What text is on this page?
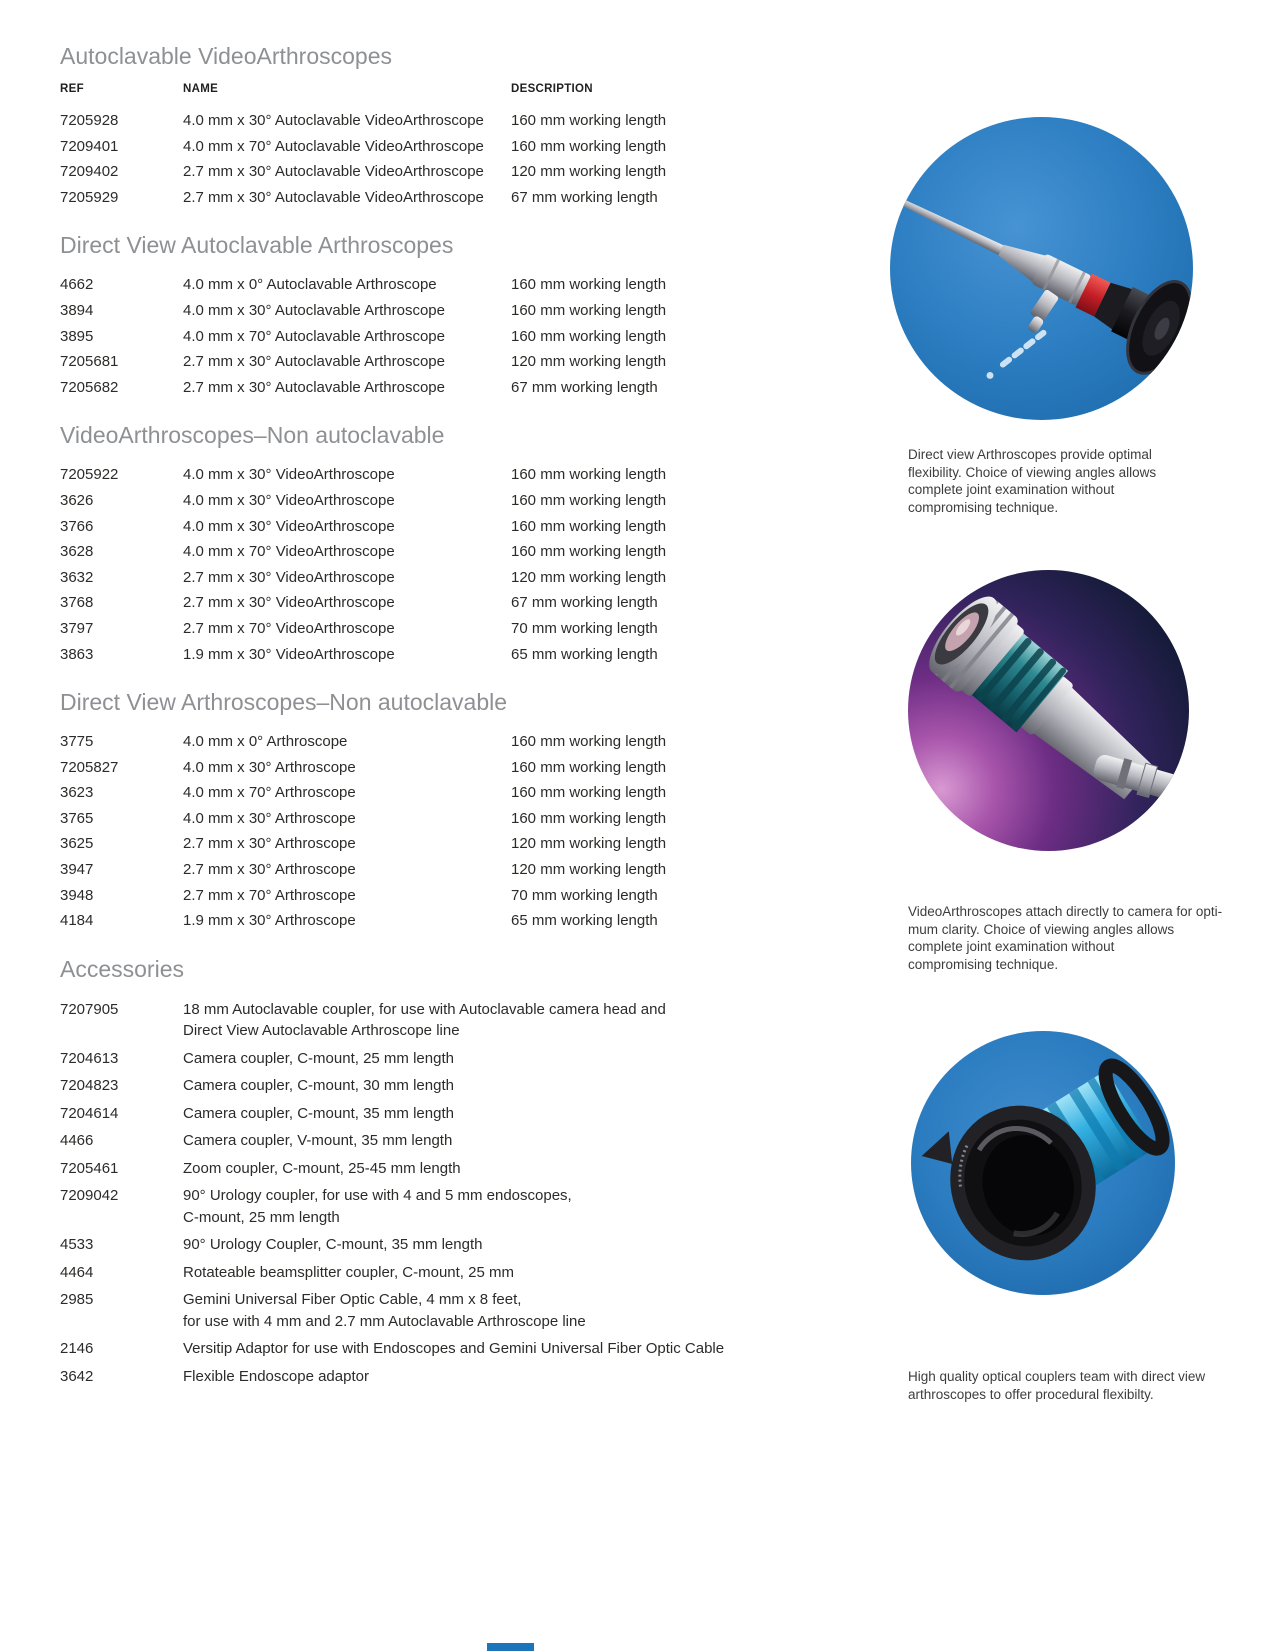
Autoclavable VideoArthroscopes
REF	NAME	DESCRIPTION
7205928	4.0 mm x 30° Autoclavable VideoArthroscope	160 mm working length
7209401	4.0 mm x 70° Autoclavable VideoArthroscope	160 mm working length
7209402	2.7 mm x 30° Autoclavable VideoArthroscope	120 mm working length
7205929	2.7 mm x 30° Autoclavable VideoArthroscope	67 mm working length
Direct View Autoclavable Arthroscopes
4662	4.0 mm x 0° Autoclavable Arthroscope	160 mm working length
3894	4.0 mm x 30° Autoclavable Arthroscope	160 mm working length
3895	4.0 mm x 70° Autoclavable Arthroscope	160 mm working length
7205681	2.7 mm x 30° Autoclavable Arthroscope	120 mm working length
7205682	2.7 mm x 30° Autoclavable Arthroscope	67 mm working length
VideoArthroscopes–Non autoclavable
7205922	4.0 mm x 30° VideoArthroscope	160 mm working length
3626	4.0 mm x 30° VideoArthroscope	160 mm working length
3766	4.0 mm x 30° VideoArthroscope	160 mm working length
3628	4.0 mm x 70° VideoArthroscope	160 mm working length
3632	2.7 mm x 30° VideoArthroscope	120 mm working length
3768	2.7 mm x 30° VideoArthroscope	67 mm working length
3797	2.7 mm x 70° VideoArthroscope	70 mm working length
3863	1.9 mm x 30° VideoArthroscope	65 mm working length
Direct View Arthroscopes–Non autoclavable
3775	4.0 mm x 0° Arthroscope	160 mm working length
7205827	4.0 mm x 30° Arthroscope	160 mm working length
3623	4.0 mm x 70° Arthroscope	160 mm working length
3765	4.0 mm x 30° Arthroscope	160 mm working length
3625	2.7 mm x 30° Arthroscope	120 mm working length
3947	2.7 mm x 30° Arthroscope	120 mm working length
3948	2.7 mm x 70° Arthroscope	70 mm working length
4184	1.9 mm x 30° Arthroscope	65 mm working length
Accessories
7207905	18 mm Autoclavable coupler, for use with Autoclavable camera head and
Direct View Autoclavable Arthroscope line
7204613	Camera coupler, C-mount, 25 mm length
7204823	Camera coupler, C-mount, 30 mm length
7204614	Camera coupler, C-mount, 35 mm length
4466	Camera coupler, V-mount, 35 mm length
7205461	Zoom coupler, C-mount, 25-45 mm length
7209042	90° Urology coupler, for use with 4 and 5 mm endoscopes,
C-mount, 25 mm length
4533	90° Urology Coupler, C-mount, 35 mm length
4464	Rotateable beamsplitter coupler, C-mount, 25 mm
2985	Gemini Universal Fiber Optic Cable, 4 mm x 8 feet,
for use with 4 mm and 2.7 mm Autoclavable Arthroscope line
2146	Versitip Adaptor for use with Endoscopes and Gemini Universal Fiber Optic Cable
3642	Flexible Endoscope adaptor
Direct view Arthroscopes provide optimal
flexibility. Choice of viewing angles allows
complete joint examination without
compromising technique.
VideoArthroscopes attach directly to camera for opti-
mum clarity. Choice of viewing angles allows
complete joint examination without
compromising technique.
High quality optical couplers team with direct view
arthroscopes to offer procedural flexibilty.
